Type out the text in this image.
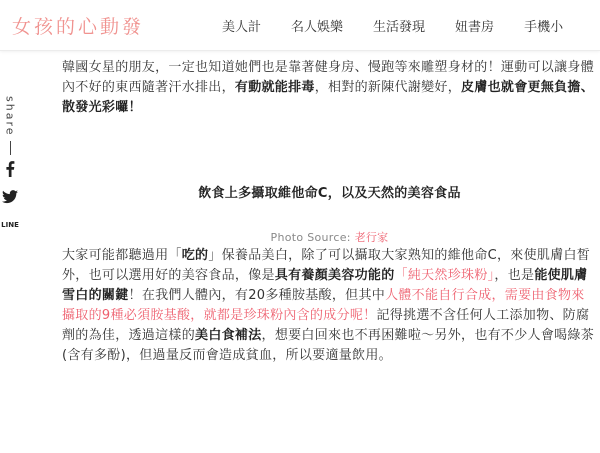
女孩的心動發	美人計 名人娛樂 生活發現 妞書房 手機小
share
LINE

韓國女星的朋友，一定也知道她們也是靠著健身房、慢跑等來雕塑身材的！運動可以讓身體內不好的東西隨著汗水排出，有動就能排毒，相對的新陳代謝變好，皮膚也就會更無負擔、散發光彩囉！

飲食上多攝取維他命C，以及天然的美容食品
Photo Source: 老行家

大家可能都聽過用「吃的」保養品美白，除了可以攝取大家熟知的維他命C，來使肌膚白皙外，也可以選用好的美容食品，像是具有養顏美容功能的「純天然珍珠粉」，也是能使肌膚雪白的關鍵！在我們人體內，有20多種胺基酸，但其中人體不能自行合成，需要由食物來攝取的9種必須胺基酸，就都是珍珠粉內含的成分呢！記得挑選不含任何人工添加物、防腐劑的為佳，透過這樣的美白食補法，想要白回來也不再困難啦～另外，也有不少人會喝綠茶(含有多酚)，但過量反而會造成貧血，所以要適量飲用。
